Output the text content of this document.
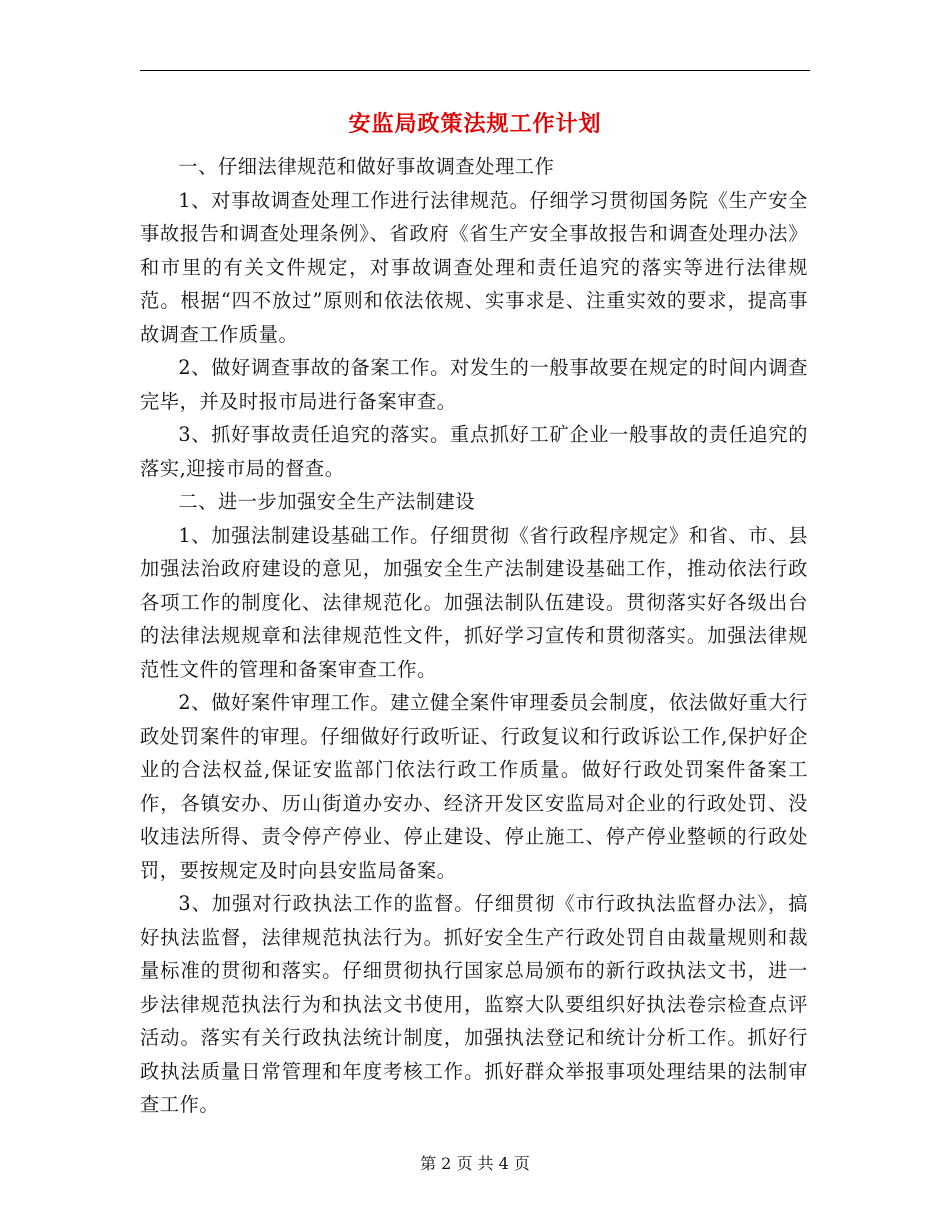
安监局政策法规工作计划

一、仔细法律规范和做好事故调查处理工作

1、对事故调查处理工作进行法律规范。仔细学习贯彻国务院《生产安全事故报告和调查处理条例》、省政府《省生产安全事故报告和调查处理办法》和市里的有关文件规定，对事故调查处理和责任追究的落实等进行法律规范。根据“四不放过”原则和依法依规、实事求是、注重实效的要求，提高事故调查工作质量。

2、做好调查事故的备案工作。对发生的一般事故要在规定的时间内调查完毕，并及时报市局进行备案审查。

3、抓好事故责任追究的落实。重点抓好工矿企业一般事故的责任追究的落实,迎接市局的督查。

二、进一步加强安全生产法制建设

1、加强法制建设基础工作。仔细贯彻《省行政程序规定》和省、市、县加强法治政府建设的意见，加强安全生产法制建设基础工作，推动依法行政各项工作的制度化、法律规范化。加强法制队伍建设。贯彻落实好各级出台的法律法规规章和法律规范性文件，抓好学习宣传和贯彻落实。加强法律规范性文件的管理和备案审查工作。

2、做好案件审理工作。建立健全案件审理委员会制度，依法做好重大行政处罚案件的审理。仔细做好行政听证、行政复议和行政诉讼工作,保护好企业的合法权益,保证安监部门依法行政工作质量。做好行政处罚案件备案工作，各镇安办、历山街道办安办、经济开发区安监局对企业的行政处罚、没收违法所得、责令停产停业、停止建设、停止施工、停产停业整顿的行政处罚，要按规定及时向县安监局备案。

3、加强对行政执法工作的监督。仔细贯彻《市行政执法监督办法》，搞好执法监督，法律规范执法行为。抓好安全生产行政处罚自由裁量规则和裁量标准的贯彻和落实。仔细贯彻执行国家总局颁布的新行政执法文书，进一步法律规范执法行为和执法文书使用，监察大队要组织好执法卷宗检查点评活动。落实有关行政执法统计制度，加强执法登记和统计分析工作。抓好行政执法质量日常管理和年度考核工作。抓好群众举报事项处理结果的法制审查工作。

第 2 页 共 4 页
